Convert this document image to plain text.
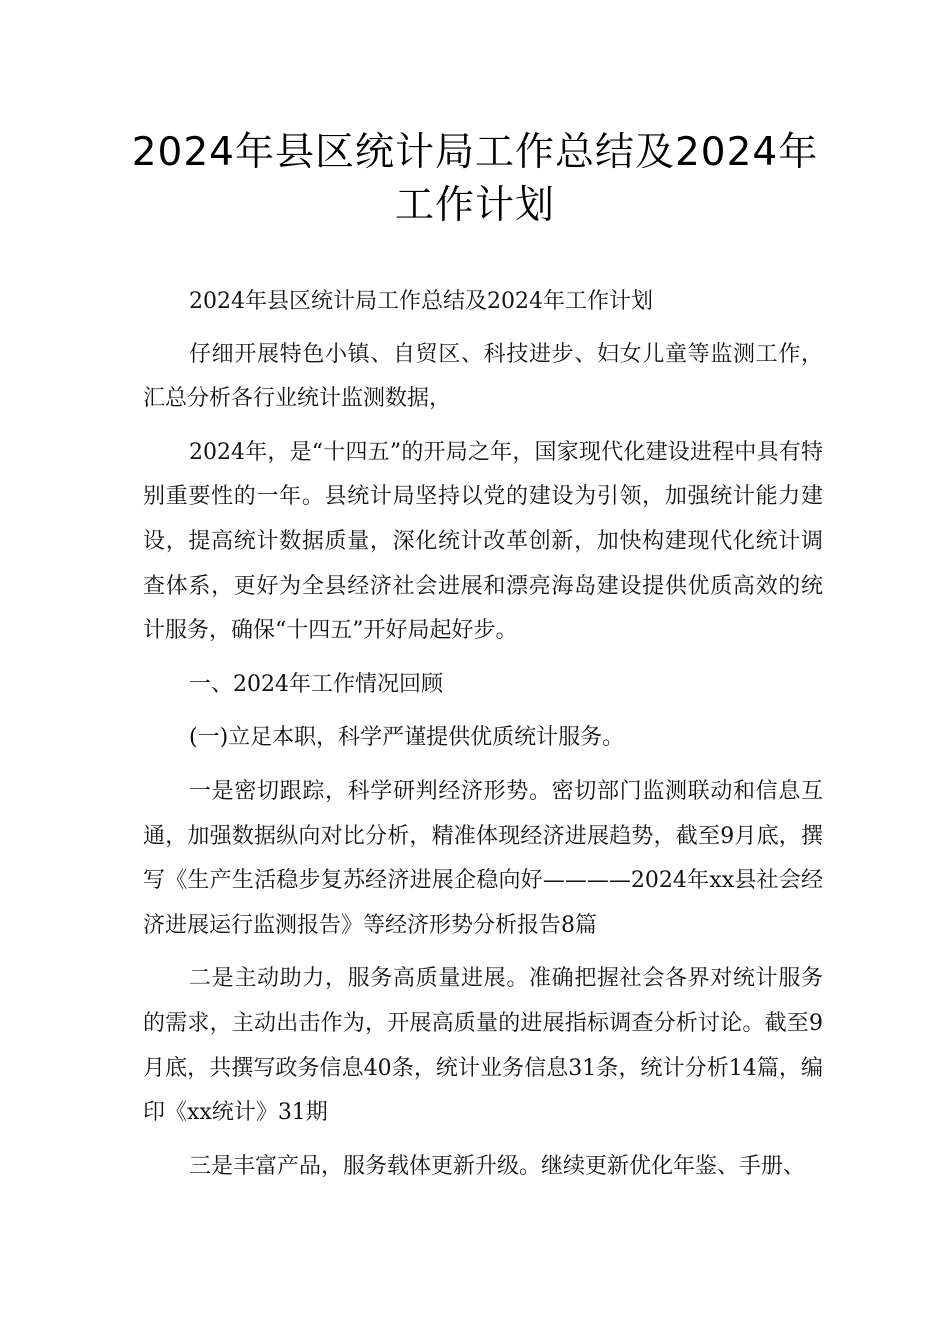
2024年县区统计局工作总结及2024年
工作计划

2024年县区统计局工作总结及2024年工作计划

仔细开展特色小镇、自贸区、科技进步、妇女儿童等监测工作，汇总分析各行业统计监测数据，

2024年，是“十四五”的开局之年，国家现代化建设进程中具有特别重要性的一年。县统计局坚持以党的建设为引领，加强统计能力建设，提高统计数据质量，深化统计改革创新，加快构建现代化统计调查体系，更好为全县经济社会进展和漂亮海岛建设提供优质高效的统计服务，确保“十四五”开好局起好步。

一、2024年工作情况回顾

(一)立足本职，科学严谨提供优质统计服务。

一是密切跟踪，科学研判经济形势。密切部门监测联动和信息互通，加强数据纵向对比分析，精准体现经济进展趋势，截至9月底，撰写《生产生活稳步复苏经济进展企稳向好————2024年xx县社会经济进展运行监测报告》等经济形势分析报告8篇

二是主动助力，服务高质量进展。准确把握社会各界对统计服务的需求，主动出击作为，开展高质量的进展指标调查分析讨论。截至9月底，共撰写政务信息40条，统计业务信息31条，统计分析14篇，编印《xx统计》31期

三是丰富产品，服务载体更新升级。继续更新优化年鉴、手册、
